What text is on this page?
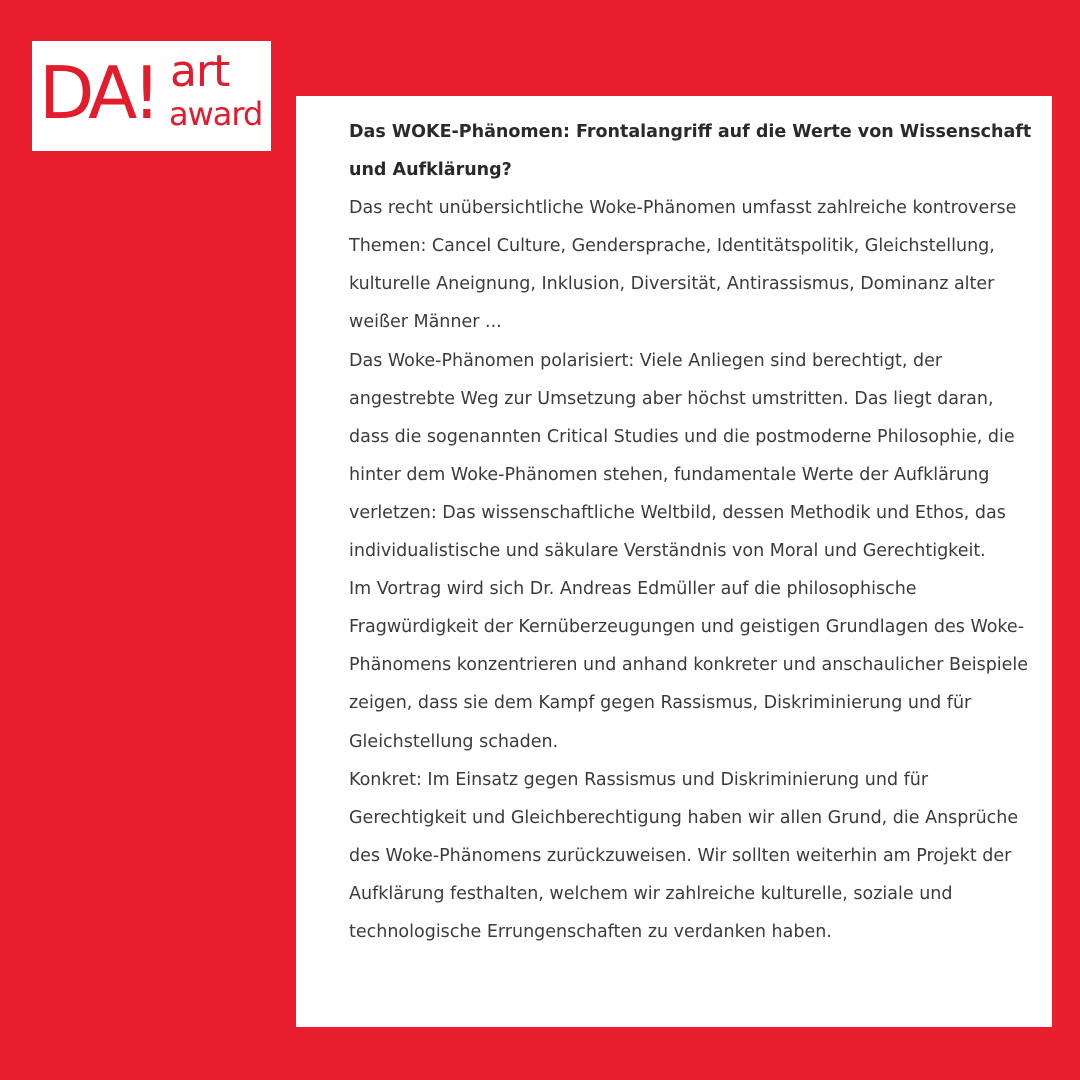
DA! art
award	Das WOKE-Phänomen: Frontalangriff auf die Werte von Wissenschaft und Aufklärung?

Das recht unübersichtliche Woke-Phänomen umfasst zahlreiche kontroverse Themen: Cancel Culture, Gendersprache, Identitätspolitik, Gleichstellung, kulturelle Aneignung, Inklusion, Diversität, Antirassismus, Dominanz alter weißer Männer ...

Das Woke-Phänomen polarisiert: Viele Anliegen sind berechtigt, der angestrebte Weg zur Umsetzung aber höchst umstritten. Das liegt daran, dass die sogenannten Critical Studies und die postmoderne Philosophie, die hinter dem Woke-Phänomen stehen, fundamentale Werte der Aufklärung verletzen: Das wissenschaftliche Weltbild, dessen Methodik und Ethos, das individualistische und säkulare Verständnis von Moral und Gerechtigkeit.

Im Vortrag wird sich Dr. Andreas Edmüller auf die philosophische Fragwürdigkeit der Kernüberzeugungen und geistigen Grundlagen des Woke-Phänomens konzentrieren und anhand konkreter und anschaulicher Beispiele zeigen, dass sie dem Kampf gegen Rassismus, Diskriminierung und für Gleichstellung schaden.

Konkret: Im Einsatz gegen Rassismus und Diskriminierung und für Gerechtigkeit und Gleichberechtigung haben wir allen Grund, die Ansprüche des Woke-Phänomens zurückzuweisen. Wir sollten weiterhin am Projekt der Aufklärung festhalten, welchem wir zahlreiche kulturelle, soziale und technologische Errungenschaften zu verdanken haben.
